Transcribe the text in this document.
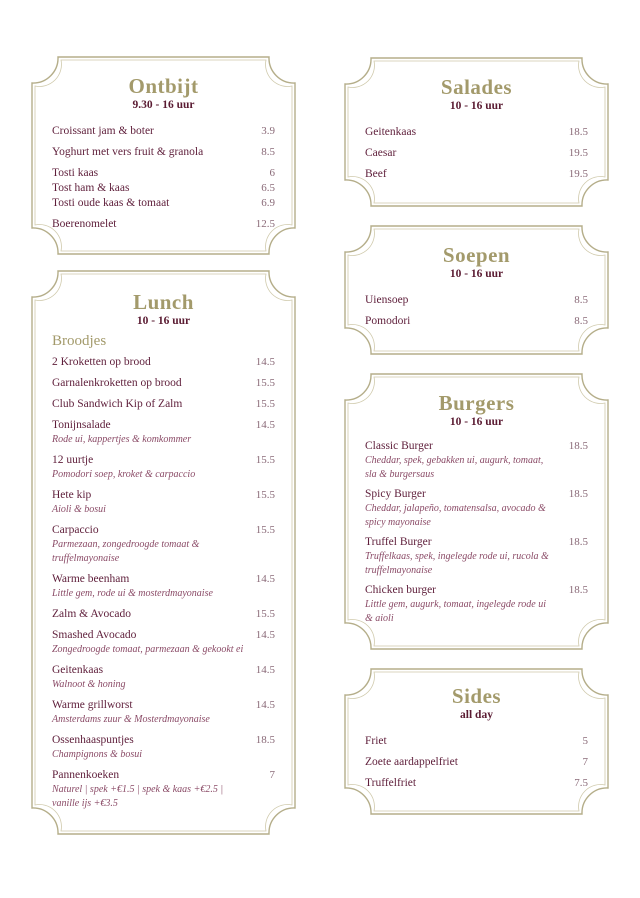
Ontbijt
9.30 - 16 uur
Croissant jam & boter	3.9
Yoghurt met vers fruit & granola	8.5
Tosti kaas	6
Tost ham & kaas	6.5
Tosti oude kaas & tomaat	6.9
Boerenomelet	12.5
Lunch
10 - 16 uur
Broodjes
2 Kroketten op brood	14.5
Garnalenkroketten op brood	15.5
Club Sandwich Kip of Zalm	15.5
Tonijnsalade	14.5
Rode ui, kappertjes & komkommer
12 uurtje	15.5
Pomodori soep, kroket & carpaccio
Hete kip	15.5
Aioli & bosui
Carpaccio	15.5
Parmezaan, zongedroogde tomaat & truffelmayonaise
Warme beenham	14.5
Little gem, rode ui & mosterdmayonaise
Zalm & Avocado	15.5
Smashed Avocado	14.5
Zongedroogde tomaat, parmezaan & gekookt ei
Geitenkaas	14.5
Walnoot & honing
Warme grillworst	14.5
Amsterdams zuur & Mosterdmayonaise
Ossenhaaspuntjes	18.5
Champignons & bosui
Pannenkoeken	7
Naturel | spek +€1.5 | spek & kaas +€2.5 | vanille ijs +€3.5
Salades
10 - 16 uur
Geitenkaas	18.5
Caesar	19.5
Beef	19.5
Soepen
10 - 16 uur
Uiensoep	8.5
Pomodori	8.5
Burgers
10 - 16 uur
Classic Burger	18.5
Cheddar, spek, gebakken ui, augurk, tomaat, sla & burgersaus
Spicy Burger	18.5
Cheddar, jalapeño, tomatensalsa, avocado & spicy mayonaise
Truffel Burger	18.5
Truffelkaas, spek, ingelegde rode ui, rucola & truffelmayonaise
Chicken burger	18.5
Little gem, augurk, tomaat, ingelegde rode ui & aioli
Sides
all day
Friet	5
Zoete aardappelfriet	7
Truffelfriet	7.5
